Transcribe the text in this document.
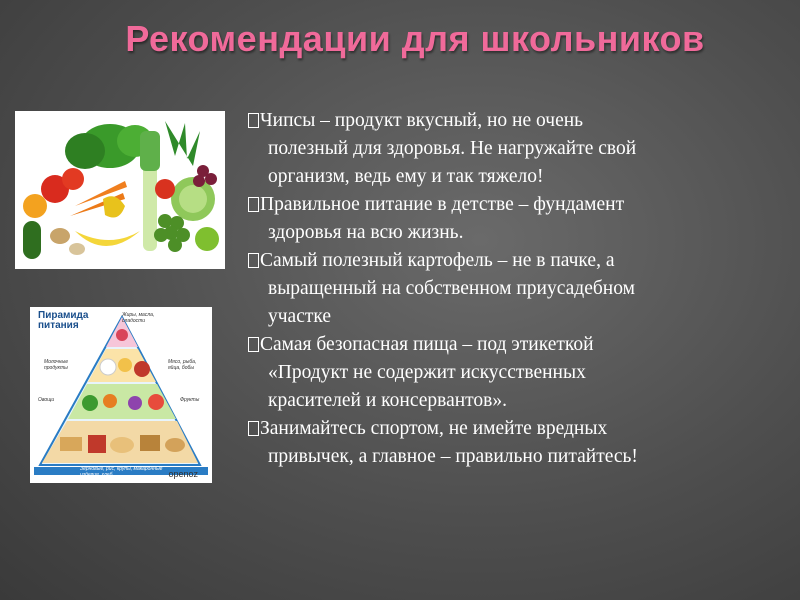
Рекомендации для школьников
Пирамида
питания
Жиры, масла, сладости
Молочные продукты
Мясо, рыба, яйца, бобы
Овощи	Фрукты
Зерновые, рис, крупы, макаронные изделия, хлеб	openoz

Чипсы – продукт вкусный, но не очень
полезный для здоровья. Не нагружайте свой
организм, ведь ему и так тяжело!

Правильное питание в детстве – фундамент
здоровья на всю жизнь.

Самый полезный картофель – не в пачке, а
выращенный на собственном приусадебном
участке

Самая безопасная пища – под этикеткой
«Продукт не содержит искусственных
красителей и консервантов».

Занимайтесь спортом, не имейте вредных
привычек, а главное – правильно питайтесь!
